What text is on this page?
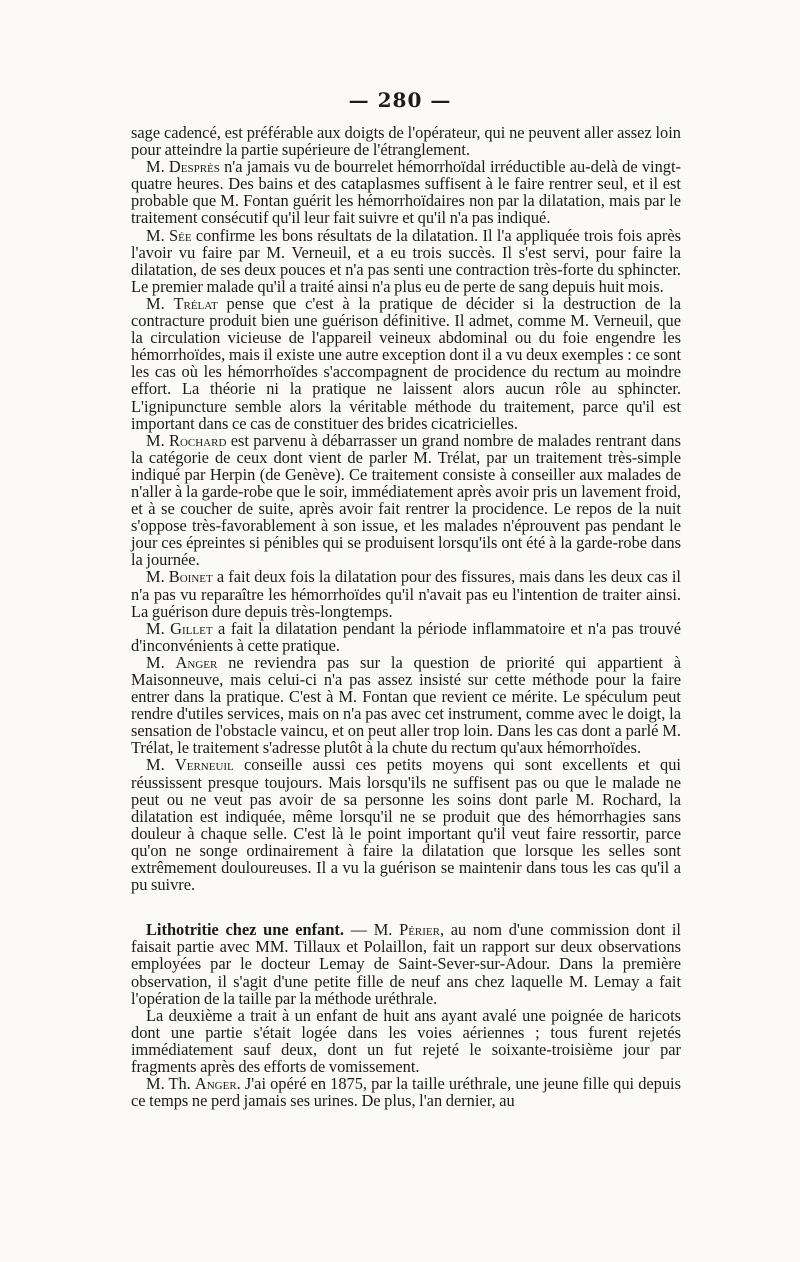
— 280 —

sage cadencé, est préférable aux doigts de l'opérateur, qui ne peuvent aller assez loin pour atteindre la partie supérieure de l'étranglement.

M. Desprès n'a jamais vu de bourrelet hémorrhoïdal irréductible au-delà de vingt-quatre heures. Des bains et des cataplasmes suffisent à le faire rentrer seul, et il est probable que M. Fontan guérit les hémorrhoïdaires non par la dilatation, mais par le traitement consécutif qu'il leur fait suivre et qu'il n'a pas indiqué.

M. Sée confirme les bons résultats de la dilatation. Il l'a appliquée trois fois après l'avoir vu faire par M. Verneuil, et a eu trois succès. Il s'est servi, pour faire la dilatation, de ses deux pouces et n'a pas senti une contraction très-forte du sphincter. Le premier malade qu'il a traité ainsi n'a plus eu de perte de sang depuis huit mois.

M. Trélat pense que c'est à la pratique de décider si la destruction de la contracture produit bien une guérison définitive. Il admet, comme M. Verneuil, que la circulation vicieuse de l'appareil veineux abdominal ou du foie engendre les hémorrhoïdes, mais il existe une autre exception dont il a vu deux exemples : ce sont les cas où les hémorrhoïdes s'accompagnent de procidence du rectum au moindre effort. La théorie ni la pratique ne laissent alors aucun rôle au sphincter. L'ignipuncture semble alors la véritable méthode du traitement, parce qu'il est important dans ce cas de constituer des brides cicatricielles.

M. Rochard est parvenu à débarrasser un grand nombre de malades rentrant dans la catégorie de ceux dont vient de parler M. Trélat, par un traitement très-simple indiqué par Herpin (de Genève). Ce traitement consiste à conseiller aux malades de n'aller à la garde-robe que le soir, immédiatement après avoir pris un lavement froid, et à se coucher de suite, après avoir fait rentrer la procidence. Le repos de la nuit s'oppose très-favorablement à son issue, et les malades n'éprouvent pas pendant le jour ces épreintes si pénibles qui se produisent lorsqu'ils ont été à la garde-robe dans la journée.

M. Boinet a fait deux fois la dilatation pour des fissures, mais dans les deux cas il n'a pas vu reparaître les hémorrhoïdes qu'il n'avait pas eu l'intention de traiter ainsi. La guérison dure depuis très-longtemps.

M. Gillet a fait la dilatation pendant la période inflammatoire et n'a pas trouvé d'inconvénients à cette pratique.

M. Anger ne reviendra pas sur la question de priorité qui appartient à Maisonneuve, mais celui-ci n'a pas assez insisté sur cette méthode pour la faire entrer dans la pratique. C'est à M. Fontan que revient ce mérite. Le spéculum peut rendre d'utiles services, mais on n'a pas avec cet instrument, comme avec le doigt, la sensation de l'obstacle vaincu, et on peut aller trop loin. Dans les cas dont a parlé M. Trélat, le traitement s'adresse plutôt à la chute du rectum qu'aux hémorrhoïdes.

M. Verneuil conseille aussi ces petits moyens qui sont excellents et qui réussissent presque toujours. Mais lorsqu'ils ne suffisent pas ou que le malade ne peut ou ne veut pas avoir de sa personne les soins dont parle M. Rochard, la dilatation est indiquée, même lorsqu'il ne se produit que des hémorrhagies sans douleur à chaque selle. C'est là le point important qu'il veut faire ressortir, parce qu'on ne songe ordinairement à faire la dilatation que lorsque les selles sont extrêmement douloureuses. Il a vu la guérison se maintenir dans tous les cas qu'il a pu suivre.

Lithotritie chez une enfant. — M. Périer, au nom d'une commission dont il faisait partie avec MM. Tillaux et Polaillon, fait un rapport sur deux observations employées par le docteur Lemay de Saint-Sever-sur-Adour. Dans la première observation, il s'agit d'une petite fille de neuf ans chez laquelle M. Lemay a fait l'opération de la taille par la méthode uréthrale.

La deuxième a trait à un enfant de huit ans ayant avalé une poignée de haricots dont une partie s'était logée dans les voies aériennes ; tous furent rejetés immédiatement sauf deux, dont un fut rejeté le soixante-troisième jour par fragments après des efforts de vomissement.

M. Th. Anger. J'ai opéré en 1875, par la taille uréthrale, une jeune fille qui depuis ce temps ne perd jamais ses urines. De plus, l'an dernier, au
